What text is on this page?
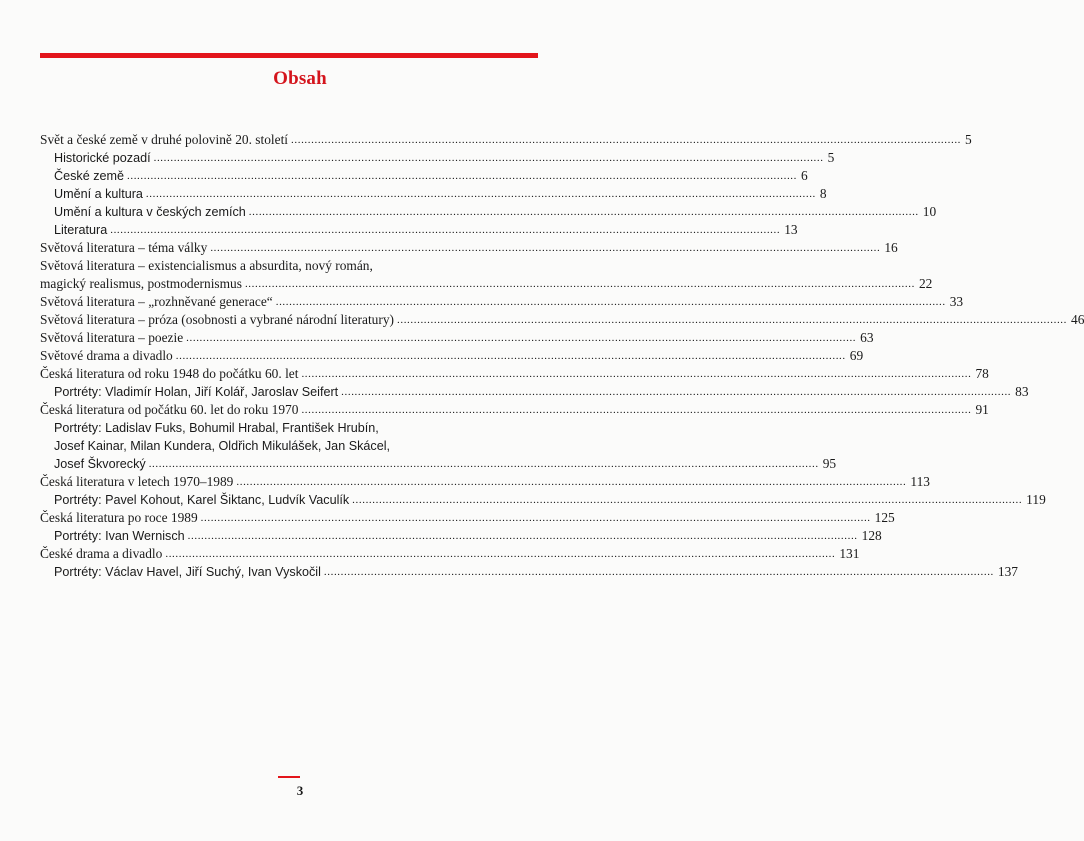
Obsah
Svět a české země v druhé polovině 20. století ........................................................................................................................................................................................................ 5
Historické pozadí ........................................................................................................................................................................................................ 5
České země ........................................................................................................................................................................................................ 6
Umění a kultura ........................................................................................................................................................................................................ 8
Umění a kultura v českých zemích ........................................................................................................................................................................................................ 10
Literatura ........................................................................................................................................................................................................ 13
Světová literatura – téma války ........................................................................................................................................................................................................ 16
Světová literatura – existencialismus a absurdita, nový román,
magický realismus, postmodernismus ........................................................................................................................................................................................................ 22
Světová literatura – „rozhněvané generace“ ........................................................................................................................................................................................................ 33
Světová literatura – próza (osobnosti a vybrané národní literatury) ........................................................................................................................................................................................................ 46
Světová literatura – poezie ........................................................................................................................................................................................................ 63
Světové drama a divadlo ........................................................................................................................................................................................................ 69
Česká literatura od roku 1948 do počátku 60. let ........................................................................................................................................................................................................ 78
Portréty: Vladimír Holan, Jiří Kolář, Jaroslav Seifert ........................................................................................................................................................................................................ 83
Česká literatura od počátku 60. let do roku 1970 ........................................................................................................................................................................................................ 91
Portréty: Ladislav Fuks, Bohumil Hrabal, František Hrubín,
Josef Kainar, Milan Kundera, Oldřich Mikulášek, Jan Skácel,
Josef Škvorecký ........................................................................................................................................................................................................ 95
Česká literatura v letech 1970–1989 ........................................................................................................................................................................................................ 113
Portréty: Pavel Kohout, Karel Šiktanc, Ludvík Vaculík ........................................................................................................................................................................................................ 119
Česká literatura po roce 1989 ........................................................................................................................................................................................................ 125
Portréty: Ivan Wernisch ........................................................................................................................................................................................................ 128
České drama a divadlo ........................................................................................................................................................................................................ 131
Portréty: Václav Havel, Jiří Suchý, Ivan Vyskočil ........................................................................................................................................................................................................ 137
3
